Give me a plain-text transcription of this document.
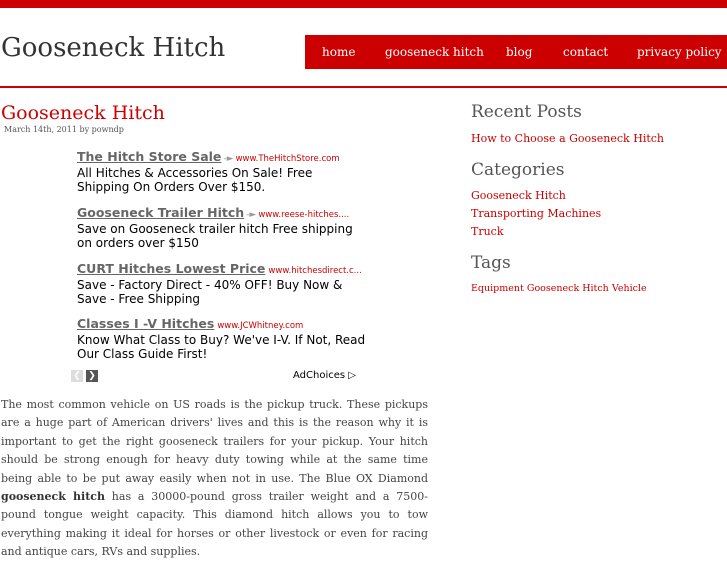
Gooseneck Hitch	home gooseneck hitch blog	contact privacy policy
Gooseneck Hitch
March 14th, 2011 by powndp
The Hitch Store Sale -► www.TheHitchStore.com
All Hitches & Accessories On Sale! Free Shipping On Orders Over $150.
Gooseneck Trailer Hitch -► www.reese-hitches....
Save on Gooseneck trailer hitch Free shipping on orders over $150
CURT Hitches Lowest Price www.hitchesdirect.c...
Save - Factory Direct - 40% OFF! Buy Now & Save - Free Shipping
Classes I -V Hitches www.JCWhitney.com
Know What Class to Buy? We've I-V. If Not, Read Our Class Guide First!
❮ ❯	AdChoices ▷
The most common vehicle on US roads is the pickup truck. These pickups are a huge part of American drivers' lives and this is the reason why it is important to get the right gooseneck trailers for your pickup. Your hitch should be strong enough for heavy duty towing while at the same time being able to be put away easily when not in use. The Blue OX Diamond gooseneck hitch has a 30000-pound gross trailer weight and a 7500-pound tongue weight capacity. This diamond hitch allows you to tow everything making it ideal for horses or other livestock or even for racing and antique cars, RVs and supplies.
Recent Posts
How to Choose a Gooseneck Hitch
Categories
Gooseneck Hitch
Transporting Machines
Truck
Tags
Equipment Gooseneck Hitch Vehicle
